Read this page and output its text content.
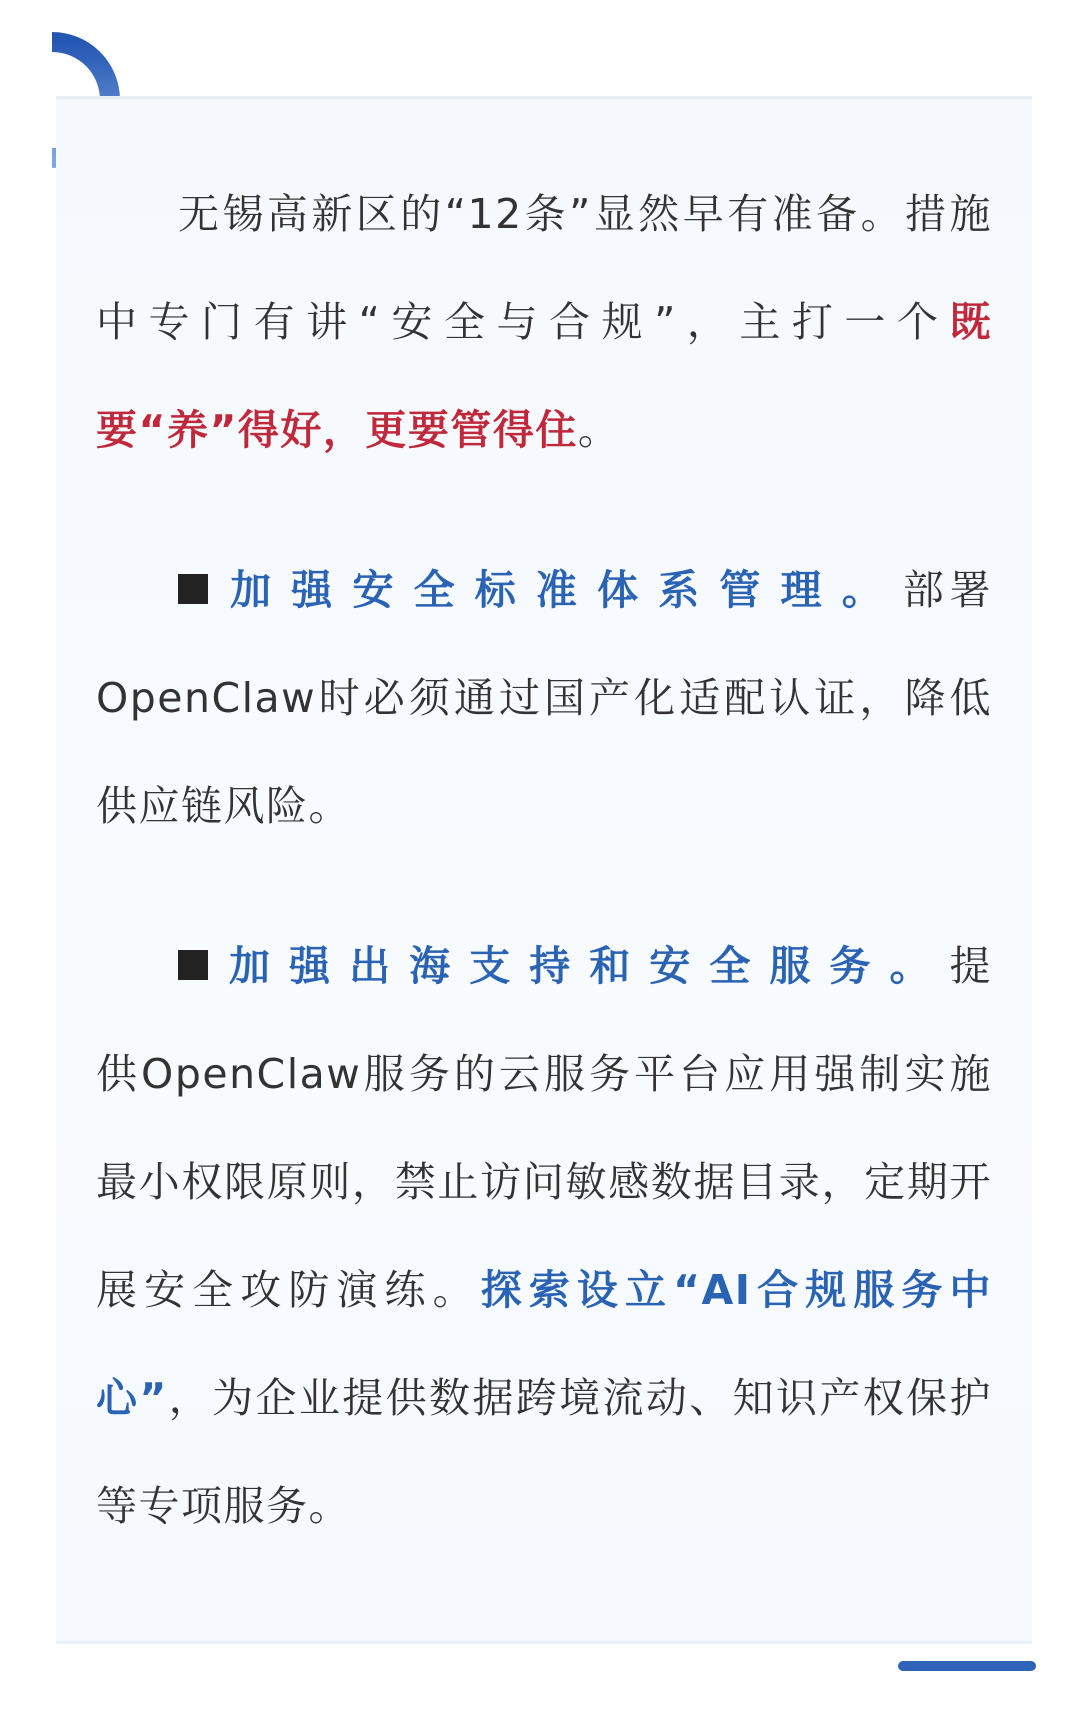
无锡高新区的“12条”显然早有准备。措施中专门有讲“安全与合规”，主打一个既要“养”得好，更要管得住。

加强安全标准体系管理。部署OpenClaw时必须通过国产化适配认证，降低供应链风险。

加强出海支持和安全服务。提供OpenClaw服务的云服务平台应用强制实施最小权限原则，禁止访问敏感数据目录，定期开展安全攻防演练。探索设立“AI合规服务中心”，为企业提供数据跨境流动、知识产权保护等专项服务。
